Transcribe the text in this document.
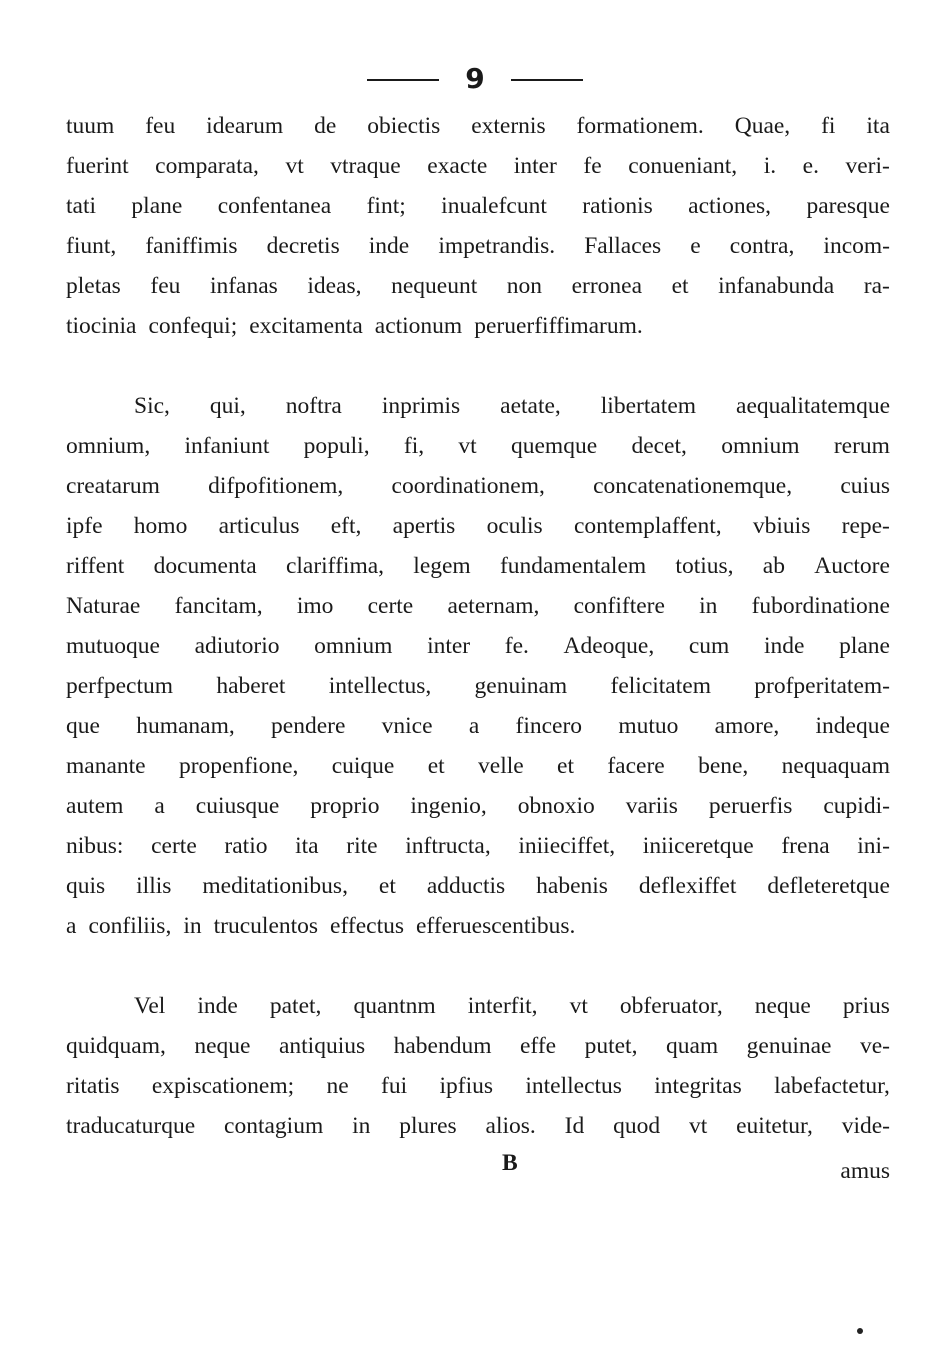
9
tuum feu idearum de obiectis externis formationem. Quae, fi ita
fuerint comparata, vt vtraque exacte inter fe conueniant, i. e. veri-
tati plane confentanea fint; inualefcunt rationis actiones, paresque
fiunt, faniffimis decretis inde impetrandis. Fallaces e contra, incom-
pletas feu infanas ideas, nequeunt non erronea et infanabunda ra-
tiocinia confequi; excitamenta actionum peruerfiffimarum.
Sic, qui, noftra inprimis aetate, libertatem aequalitatemque
omnium, infaniunt populi, fi, vt quemque decet, omnium rerum
creatarum difpofitionem, coordinationem, concatenationemque, cuius
ipfe homo articulus eft, apertis oculis contemplaffent, vbiuis repe-
riffent documenta clariffima, legem fundamentalem totius, ab Auctore
Naturae fancitam, imo certe aeternam, confiftere in fubordinatione
mutuoque adiutorio omnium inter fe. Adeoque, cum inde plane
perfpectum haberet intellectus, genuinam felicitatem profperitatem-
que humanam, pendere vnice a fincero mutuo amore, indeque
manante propenfione, cuique et velle et facere bene, nequaquam
autem a cuiusque proprio ingenio, obnoxio variis peruerfis cupidi-
nibus: certe ratio ita rite inftructa, iniieciffet, iniiceretque frena ini-
quis illis meditationibus, et adductis habenis deflexiffet defleteretque
a confiliis, in truculentos effectus efferuescentibus.
Vel inde patet, quantnm interfit, vt obferuator, neque prius
quidquam, neque antiquius habendum effe putet, quam genuinae ve-
ritatis expiscationem; ne fui ipfius intellectus integritas labefactetur,
traducaturque contagium in plures alios. Id quod vt euitetur, vide-
B	amus
